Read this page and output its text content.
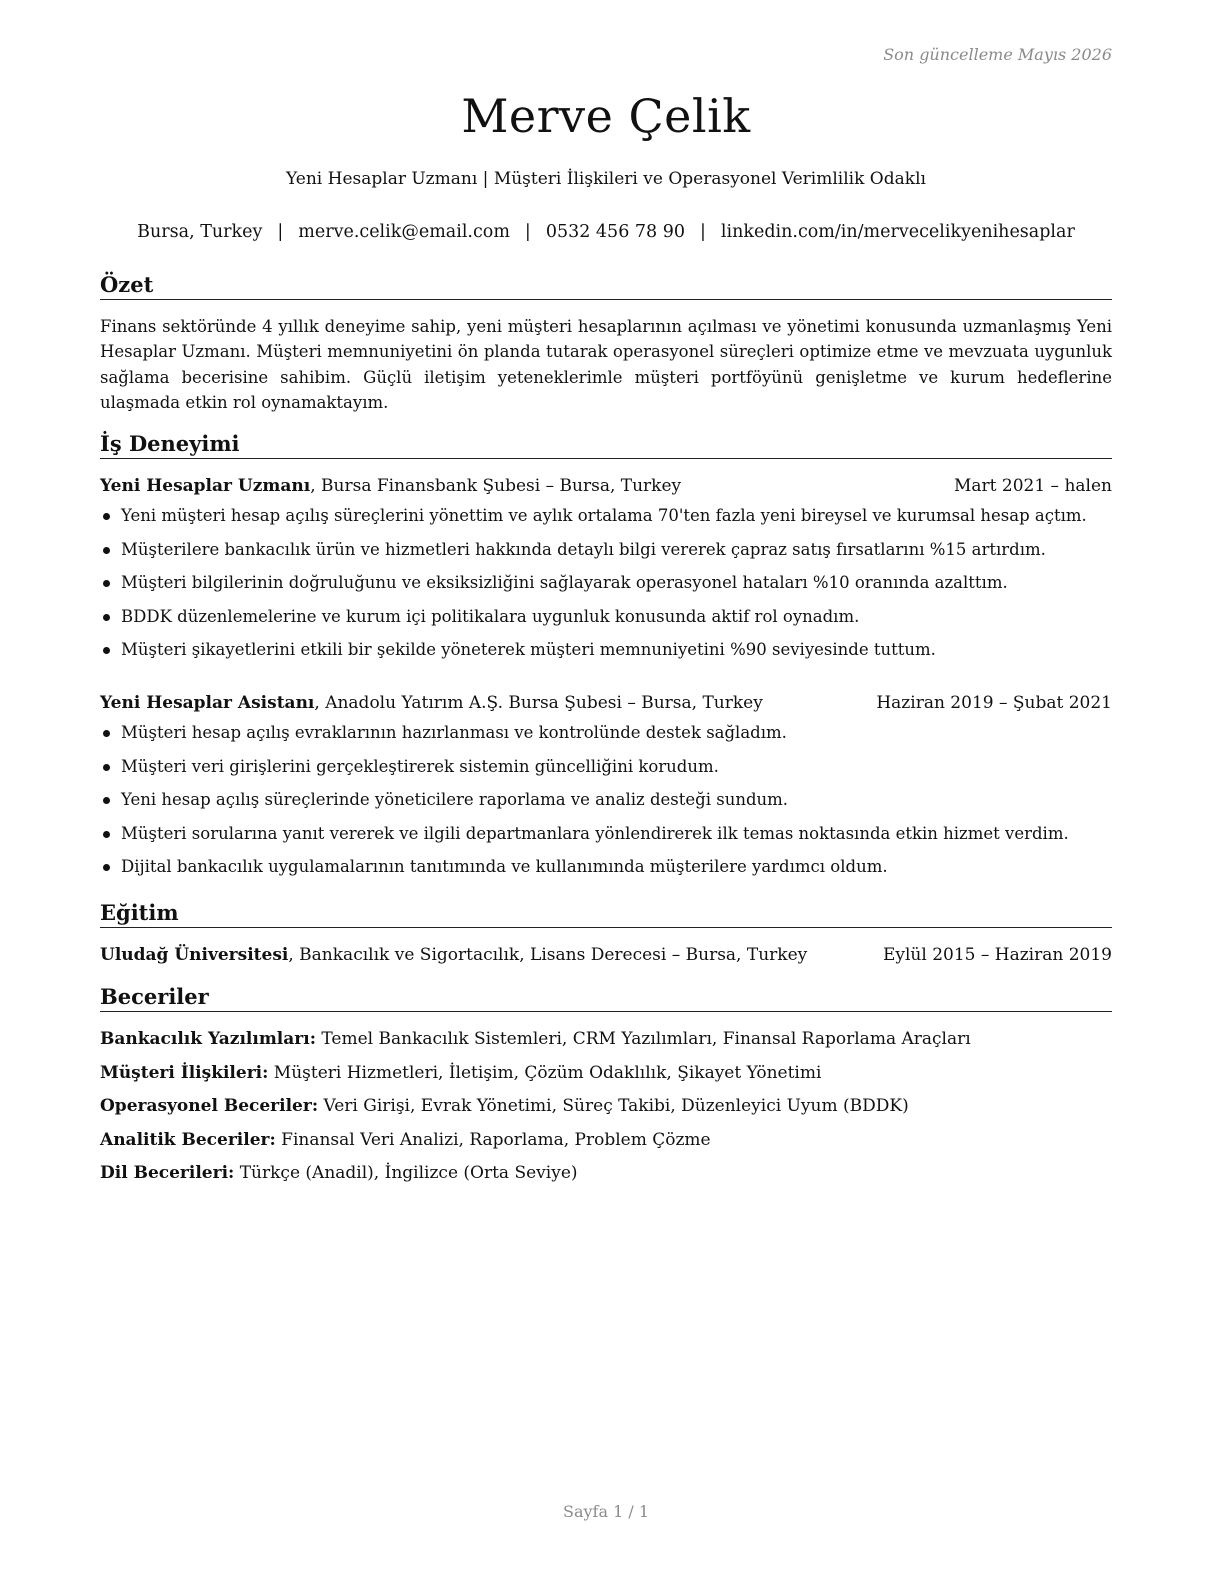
Son güncelleme Mayıs 2026
Merve Çelik
Yeni Hesaplar Uzmanı | Müşteri İlişkileri ve Operasyonel Verimlilik Odaklı
Bursa, Turkey | merve.celik@email.com | 0532 456 78 90 | linkedin.com/in/mervecelikyenihesaplar
Özet
Finans sektöründe 4 yıllık deneyime sahip, yeni müşteri hesaplarının açılması ve yönetimi konusunda uzmanlaşmış Yeni Hesaplar Uzmanı. Müşteri memnuniyetini ön planda tutarak operasyonel süreçleri optimize etme ve mevzuata uygunluk sağlama becerisine sahibim. Güçlü iletişim yeteneklerimle müşteri portföyünü genişletme ve kurum hedeflerine ulaşmada etkin rol oynamaktayım.
İş Deneyimi
Yeni Hesaplar Uzmanı, Bursa Finansbank Şubesi – Bursa, Turkey	Mart 2021 – halen
Yeni müşteri hesap açılış süreçlerini yönettim ve aylık ortalama 70'ten fazla yeni bireysel ve kurumsal hesap açtım.
Müşterilere bankacılık ürün ve hizmetleri hakkında detaylı bilgi vererek çapraz satış fırsatlarını %15 artırdım.
Müşteri bilgilerinin doğruluğunu ve eksiksizliğini sağlayarak operasyonel hataları %10 oranında azalttım.
BDDK düzenlemelerine ve kurum içi politikalara uygunluk konusunda aktif rol oynadım.
Müşteri şikayetlerini etkili bir şekilde yöneterek müşteri memnuniyetini %90 seviyesinde tuttum.
Yeni Hesaplar Asistanı, Anadolu Yatırım A.Ş. Bursa Şubesi – Bursa, Turkey	Haziran 2019 – Şubat 2021
Müşteri hesap açılış evraklarının hazırlanması ve kontrolünde destek sağladım.
Müşteri veri girişlerini gerçekleştirerek sistemin güncelliğini korudum.
Yeni hesap açılış süreçlerinde yöneticilere raporlama ve analiz desteği sundum.
Müşteri sorularına yanıt vererek ve ilgili departmanlara yönlendirerek ilk temas noktasında etkin hizmet verdim.
Dijital bankacılık uygulamalarının tanıtımında ve kullanımında müşterilere yardımcı oldum.
Eğitim
Uludağ Üniversitesi, Bankacılık ve Sigortacılık, Lisans Derecesi – Bursa, Turkey	Eylül 2015 – Haziran 2019
Beceriler
Bankacılık Yazılımları: Temel Bankacılık Sistemleri, CRM Yazılımları, Finansal Raporlama Araçları
Müşteri İlişkileri: Müşteri Hizmetleri, İletişim, Çözüm Odaklılık, Şikayet Yönetimi
Operasyonel Beceriler: Veri Girişi, Evrak Yönetimi, Süreç Takibi, Düzenleyici Uyum (BDDK)
Analitik Beceriler: Finansal Veri Analizi, Raporlama, Problem Çözme
Dil Becerileri: Türkçe (Anadil), İngilizce (Orta Seviye)
Sayfa 1 / 1
